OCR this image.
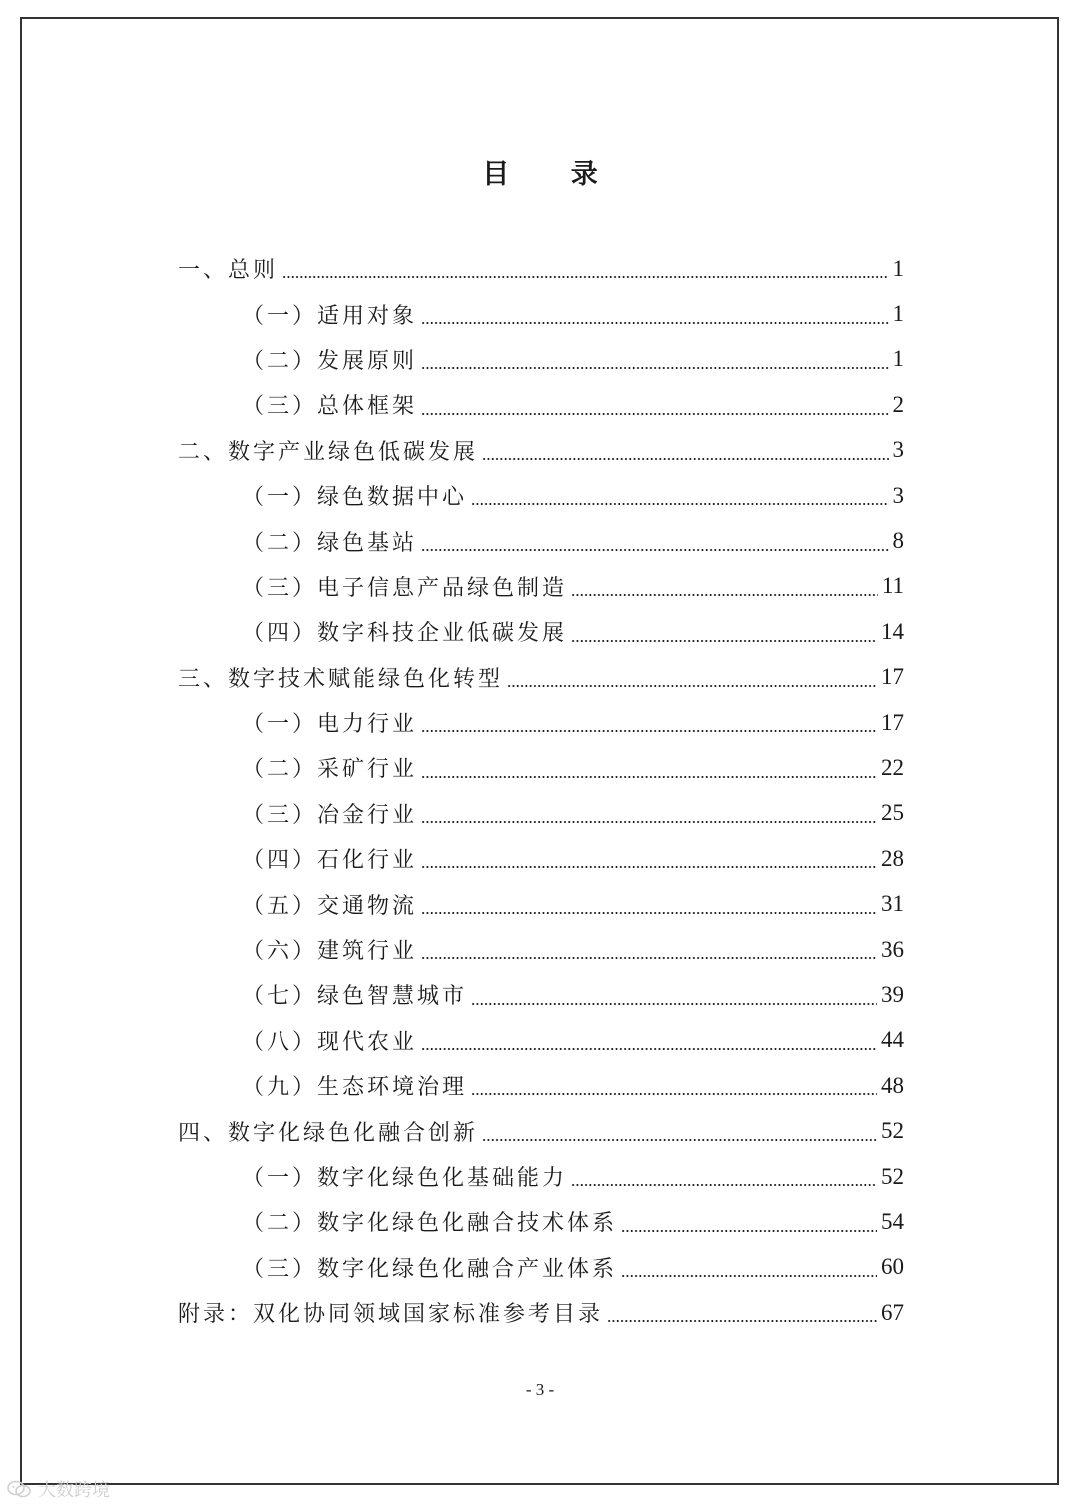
目 录
一、总则	1
（一）适用对象	1
（二）发展原则	1
（三）总体框架	2
二、数字产业绿色低碳发展	3
（一）绿色数据中心	3
（二）绿色基站	8
（三）电子信息产品绿色制造	11
（四）数字科技企业低碳发展	14
三、数字技术赋能绿色化转型	17
（一）电力行业	17
（二）采矿行业	22
（三）冶金行业	25
（四）石化行业	28
（五）交通物流	31
（六）建筑行业	36
（七）绿色智慧城市	39
（八）现代农业	44
（九）生态环境治理	48
四、数字化绿色化融合创新	52
（一）数字化绿色化基础能力	52
（二）数字化绿色化融合技术体系	54
（三）数字化绿色化融合产业体系	60
附录：双化协同领域国家标准参考目录	67
- 3 -
大数跨境
